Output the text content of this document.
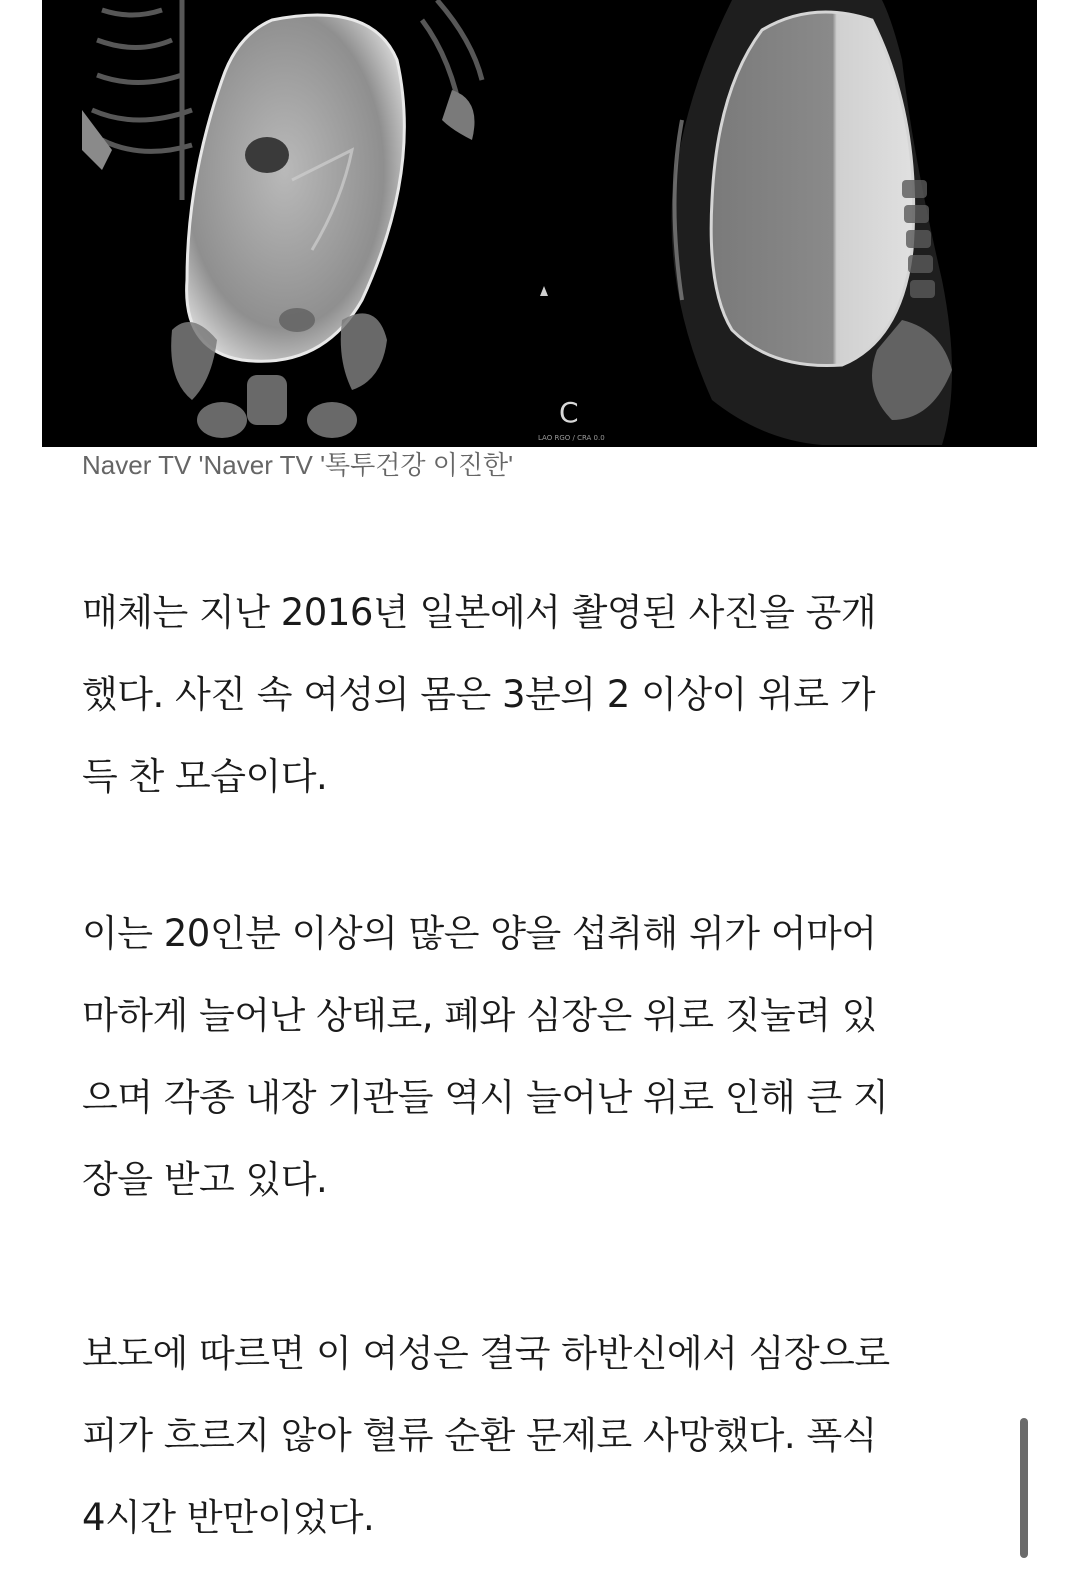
C
LAO RGO / CRA 0.0
Naver TV 'Naver TV '톡투건강 이진한'

매체는 지난 2016년 일본에서 촬영된 사진을 공개
했다. 사진 속 여성의 몸은 3분의 2 이상이 위로 가
득 찬 모습이다.

이는 20인분 이상의 많은 양을 섭취해 위가 어마어
마하게 늘어난 상태로, 폐와 심장은 위로 짓눌려 있
으며 각종 내장 기관들 역시 늘어난 위로 인해 큰 지
장을 받고 있다.

보도에 따르면 이 여성은 결국 하반신에서 심장으로
피가 흐르지 않아 혈류 순환 문제로 사망했다. 폭식
4시간 반만이었다.
